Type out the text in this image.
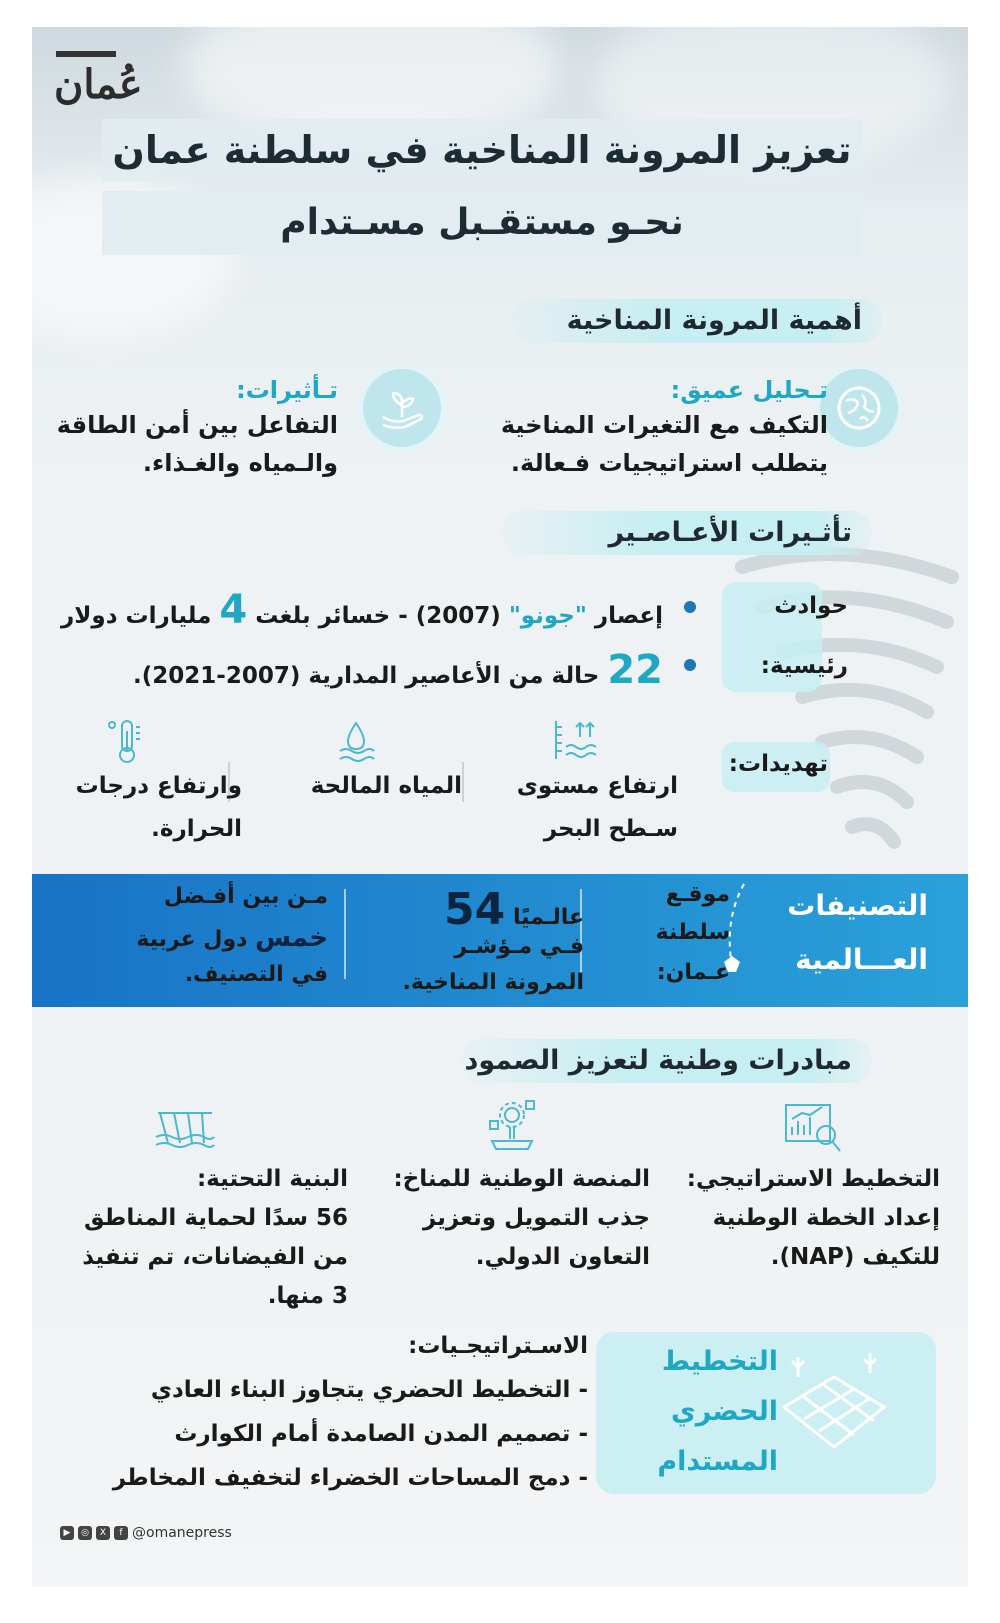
عُمان
تعزيز المرونة المناخية في سلطنة عمان
نحـو مستقـبل مسـتدام
أهمية المرونة المناخية
تـحليل عميق:
التكيف مع التغيرات المناخية
يتطلب استراتيجيات فـعالة.
تـأثيرات:
التفاعل بين أمن الطاقة
والـمياه والغـذاء.
تأثـيرات الأعـاصـير
حوادث
رئيسية:
إعصار "جونو" (2007) - خسائر بلغت 4 مليارات دولار
22 حالة من الأعاصير المدارية (2007-2021).
تهديدات:
ارتفاع مستوى
سـطح البحر
المياه المالحة
وارتفاع درجات
الحرارة.
التصنيفات
العـــالمية
موقـع
سلطنة
عـمان:
عالـميًا 54
فـي مـؤشـر
المرونة المناخية.
مـن بين أفـضل
خمس دول عربية
في التصنيف.
مبادرات وطنية لتعزيز الصمود
التخطيط الاستراتيجي:
إعداد الخطة الوطنية
للتكيف (NAP).
المنصة الوطنية للمناخ:
جذب التمويل وتعزيز
التعاون الدولي.
البنية التحتية:
56 سدًا لحماية المناطق
من الفيضانات، تم تنفيذ
3 منها.
التخطيط
الحضري
المستدام
الاسـتراتيجـيات:
- التخطيط الحضري يتجاوز البناء العادي
- تصميم المدن الصامدة أمام الكوارث
- دمج المساحات الخضراء لتخفيف المخاطر
▶	◎	X	f @omanepress
